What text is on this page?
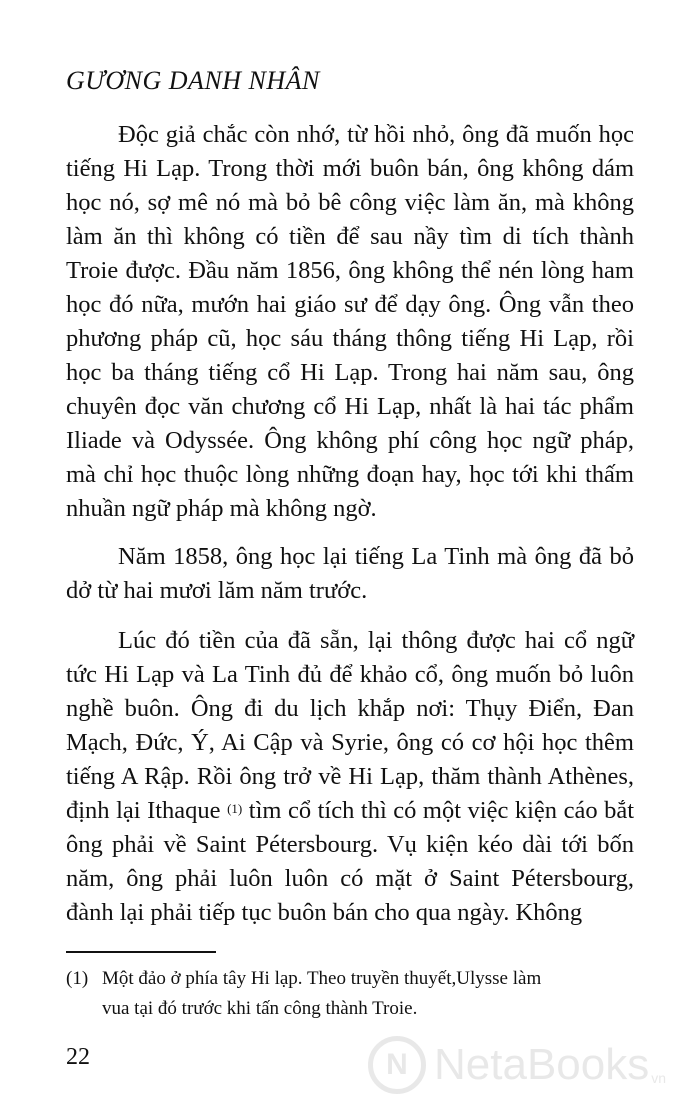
GƯƠNG DANH NHÂN

Độc giả chắc còn nhớ, từ hồi nhỏ, ông đã muốn học tiếng Hi Lạp. Trong thời mới buôn bán, ông không dám học nó, sợ mê nó mà bỏ bê công việc làm ăn, mà không làm ăn thì không có tiền để sau nầy tìm di tích thành Troie được. Đầu năm 1856, ông không thể nén lòng ham học đó nữa, mướn hai giáo sư để dạy ông. Ông vẫn theo phương pháp cũ, học sáu tháng thông tiếng Hi Lạp, rồi học ba tháng tiếng cổ Hi Lạp. Trong hai năm sau, ông chuyên đọc văn chương cổ Hi Lạp, nhất là hai tác phẩm Iliade và Odyssée. Ông không phí công học ngữ pháp, mà chỉ học thuộc lòng những đoạn hay, học tới khi thấm nhuần ngữ pháp mà không ngờ.

Năm 1858, ông học lại tiếng La Tinh mà ông đã bỏ dở từ hai mươi lăm năm trước.

Lúc đó tiền của đã sẵn, lại thông được hai cổ ngữ tức Hi Lạp và La Tinh đủ để khảo cổ, ông muốn bỏ luôn nghề buôn. Ông đi du lịch khắp nơi: Thụy Điển, Đan Mạch, Đức, Ý, Ai Cập và Syrie, ông có cơ hội học thêm tiếng A Rập. Rồi ông trở về Hi Lạp, thăm thành Athènes, định lại Ithaque $^{(1)}$ tìm cổ tích thì có một việc kiện cáo bắt ông phải về Saint Pétersbourg. Vụ kiện kéo dài tới bốn năm, ông phải luôn luôn có mặt ở Saint Pétersbourg, đành lại phải tiếp tục buôn bán cho qua ngày. Không

(1) Một đảo ở phía tây Hi lạp. Theo truyền thuyết,Ulysse làm
vua tại đó trước khi tấn công thành Troie.
22	N NetaBooks vn
